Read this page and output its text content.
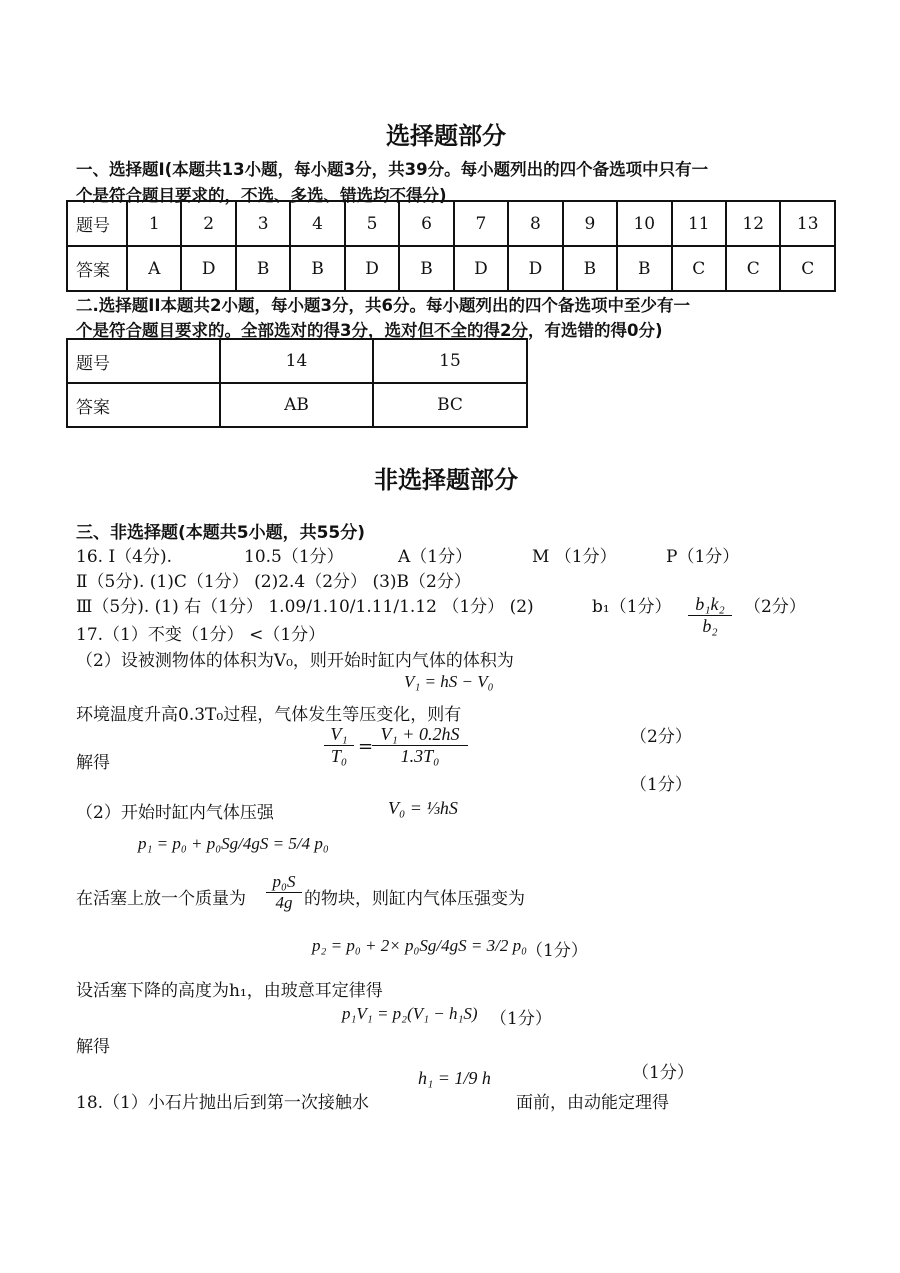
选择题部分
一、选择题Ⅰ(本题共13小题，每小题3分，共39分。每小题列出的四个备选项中只有一
个是符合题目要求的，不选、多选、错选均不得分)
题号	1	2	3	4	5	6	7	8	9	10	11	12	13
答案	A	D	B	B	D	B	D	D	B	B	C	C	C
二.选择题II本题共2小题，每小题3分，共6分。每小题列出的四个备选项中至少有一
个是符合题目要求的。全部选对的得3分，选对但不全的得2分，有选错的得0分)
题号	14	15
答案	AB	BC
非选择题部分
三、非选择题(本题共5小题，共55分)
16. Ⅰ（4分).	10.5（1分）	A（1分）	M （1分）	P（1分）
Ⅱ（5分). (1)C（1分） (2)2.4（2分） (3)B（2分）
Ⅲ（5分). (1) 右（1分） 1.09/1.10/1.11/1.12 （1分） (2)	b₁（1分） $\frac{\text{b₁k₂}}{\text{b₂}} (2$分）
17.（1）不变（1分） <（1分）
（2）设被测物体的体积为V₀，则开始时缸内气体的体积为
V₁ = hS − V₀
环境温度升高0.3T₀过程，气体发生等压变化，则有
$\frac{\text{V₁}}{\text{T₀}}$ =
$\frac{\text{V₁ + 0.2hS}}{\text{1.3T₀}}$	（2分）
解得
（1分）
（2）开始时缸内气体压强	V₀ = ⅓hS
p₁ = p₀ + p₀Sg/4gS = 5/4 p₀
在活塞上放一个质量为 $\frac{\text{p₀S}}{4g}$ 的物块，则缸内气体压强变为
p₂ = p₀ + 2× p₀Sg/4gS = 3/2 p₀ （1分）
设活塞下降的高度为h₁，由玻意耳定律得
p₁V₁ = p₂(V₁ − h₁S) （1分）
解得
h₁ = 1/9 h	（1分）
18.（1）小石片抛出后到第一次接触水	面前，由动能定理得
